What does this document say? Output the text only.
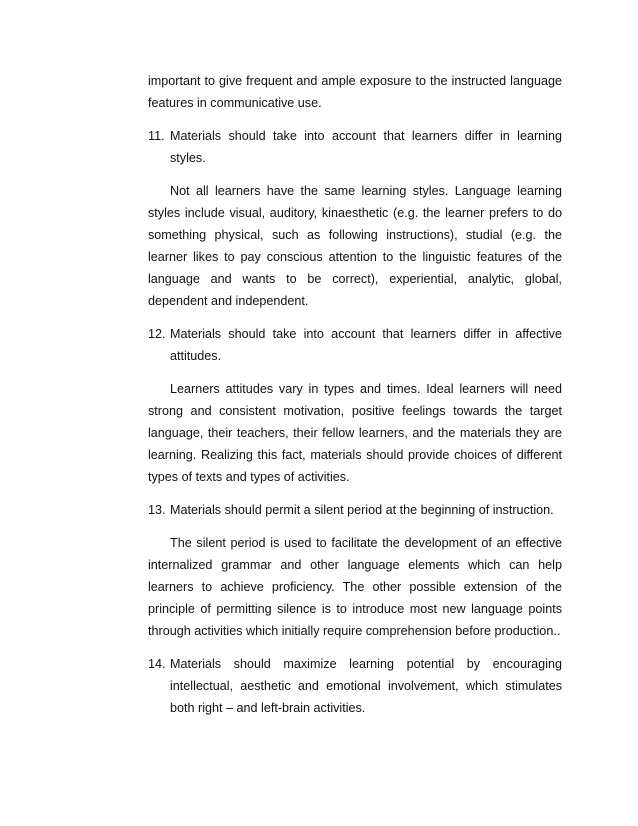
important to give frequent and ample exposure to the instructed language features in communicative use.

11. Materials should take into account that learners differ in learning styles.

Not all learners have the same learning styles. Language learning styles include visual, auditory, kinaesthetic (e.g. the learner prefers to do something physical, such as following instructions), studial (e.g. the learner likes to pay conscious attention to the linguistic features of the language and wants to be correct), experiential, analytic, global, dependent and independent.

12. Materials should take into account that learners differ in affective attitudes.

Learners attitudes vary in types and times. Ideal learners will need strong and consistent motivation, positive feelings towards the target language, their teachers, their fellow learners, and the materials they are learning. Realizing this fact, materials should provide choices of different types of texts and types of activities.

13. Materials should permit a silent period at the beginning of instruction.

The silent period is used to facilitate the development of an effective internalized grammar and other language elements which can help learners to achieve proficiency. The other possible extension of the principle of permitting silence is to introduce most new language points through activities which initially require comprehension before production..

14. Materials should maximize learning potential by encouraging intellectual, aesthetic and emotional involvement, which stimulates both right – and left-brain activities.
